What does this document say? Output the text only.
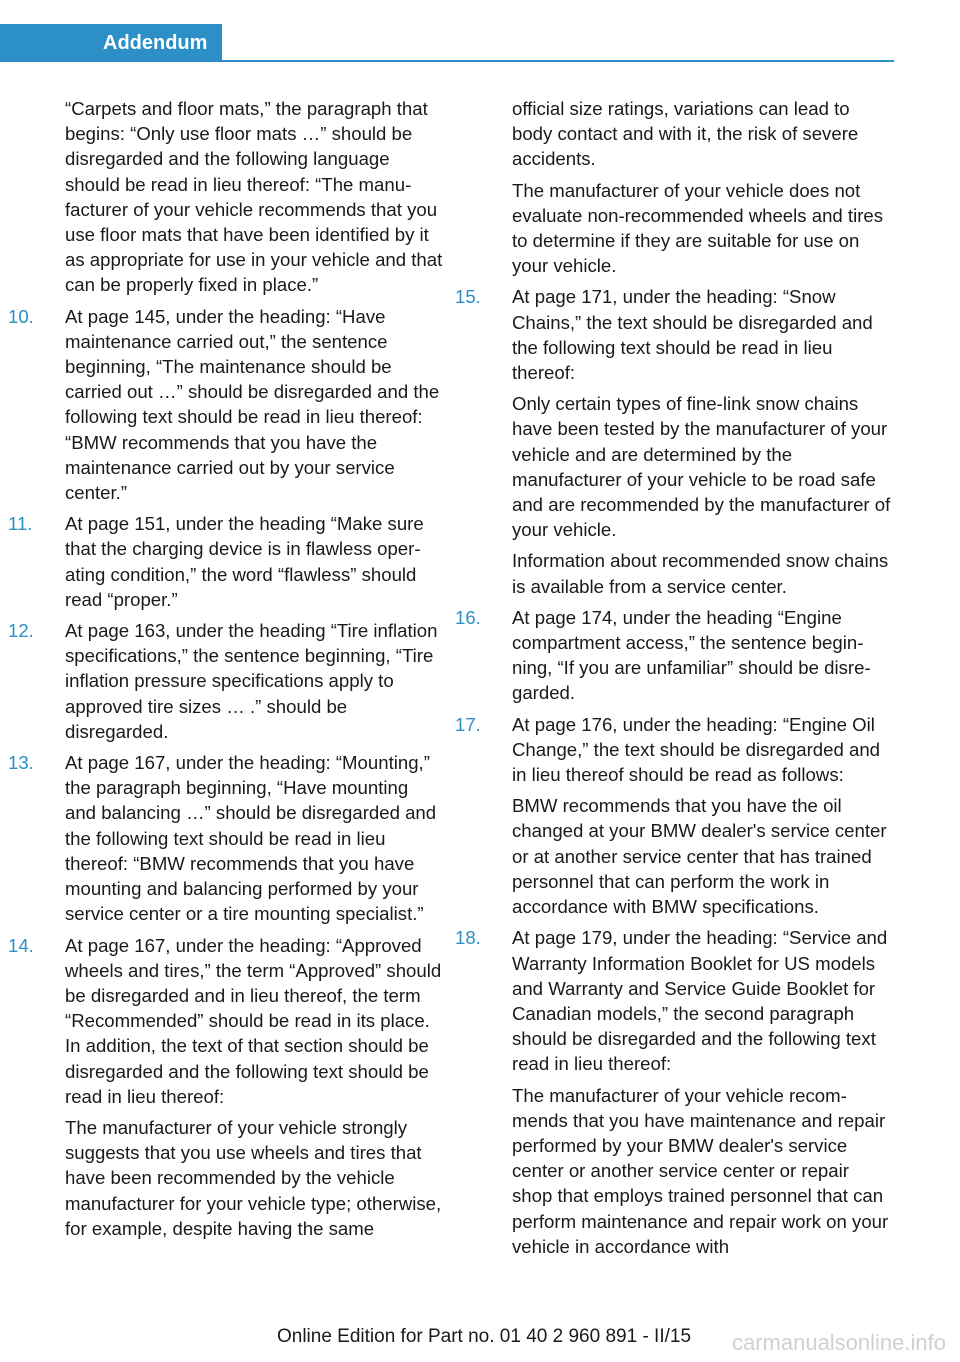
Addendum
“Carpets and floor mats,” the paragraph that begins: “Only use floor mats …” should be disregarded and the following language should be read in lieu thereof: “The manufacturer of your vehicle recommends that you use floor mats that have been identified by it as appropriate for use in your vehicle and that can be properly fixed in place.”
10.	At page 145, under the heading: “Have maintenance carried out,” the sentence beginning, “The maintenance should be carried out …” should be disregarded and the following text should be read in lieu thereof: “BMW recommends that you have the maintenance carried out by your service center.”

11.	At page 151, under the heading “Make sure that the charging device is in flawless operating condition,” the word “flawless” should read “proper.”

12.	At page 163, under the heading “Tire inflation specifications,” the sentence beginning, “Tire inflation pressure specifications apply to approved tire sizes … .” should be disregarded.

13.	At page 167, under the heading: “Mounting,” the paragraph beginning, “Have mounting and balancing …” should be disregarded and the following text should be read in lieu thereof: “BMW recommends that you have mounting and balancing performed by your service center or a tire mounting specialist.”

14.	At page 167, under the heading: “Approved wheels and tires,” the term “Approved” should be disregarded and in lieu thereof, the term “Recommended” should be read in its place. In addition, the text of that section should be disregarded and the following text should be read in lieu thereof:

The manufacturer of your vehicle strongly suggests that you use wheels and tires that have been recommended by the vehicle manufacturer for your vehicle type; otherwise, for example, despite having the same

official size ratings, variations can lead to body contact and with it, the risk of severe accidents.
The manufacturer of your vehicle does not evaluate non-recommended wheels and tires to determine if they are suitable for use on your vehicle.
15.	At page 171, under the heading: “Snow Chains,” the text should be disregarded and the following text should be read in lieu thereof:

Only certain types of fine-link snow chains have been tested by the manufacturer of your vehicle and are determined by the manufacturer of your vehicle to be road safe and are recommended by the manufacturer of your vehicle.

Information about recommended snow chains is available from a service center.

16.	At page 174, under the heading “Engine compartment access,” the sentence beginning, “If you are unfamiliar” should be disregarded.

17.	At page 176, under the heading: “Engine Oil Change,” the text should be disregarded and in lieu thereof should be read as follows:

BMW recommends that you have the oil changed at your BMW dealer's service center or at another service center that has trained personnel that can perform the work in accordance with BMW specifications.

18.	At page 179, under the heading: “Service and Warranty Information Booklet for US models and Warranty and Service Guide Booklet for Canadian models,” the second paragraph should be disregarded and the following text read in lieu thereof:

The manufacturer of your vehicle recommends that you have maintenance and repair performed by your BMW dealer's service center or another service center or repair shop that employs trained personnel that can perform maintenance and repair work on your vehicle in accordance with

Online Edition for Part no. 01 40 2 960 891 - II/15	carmanualsonline.info
